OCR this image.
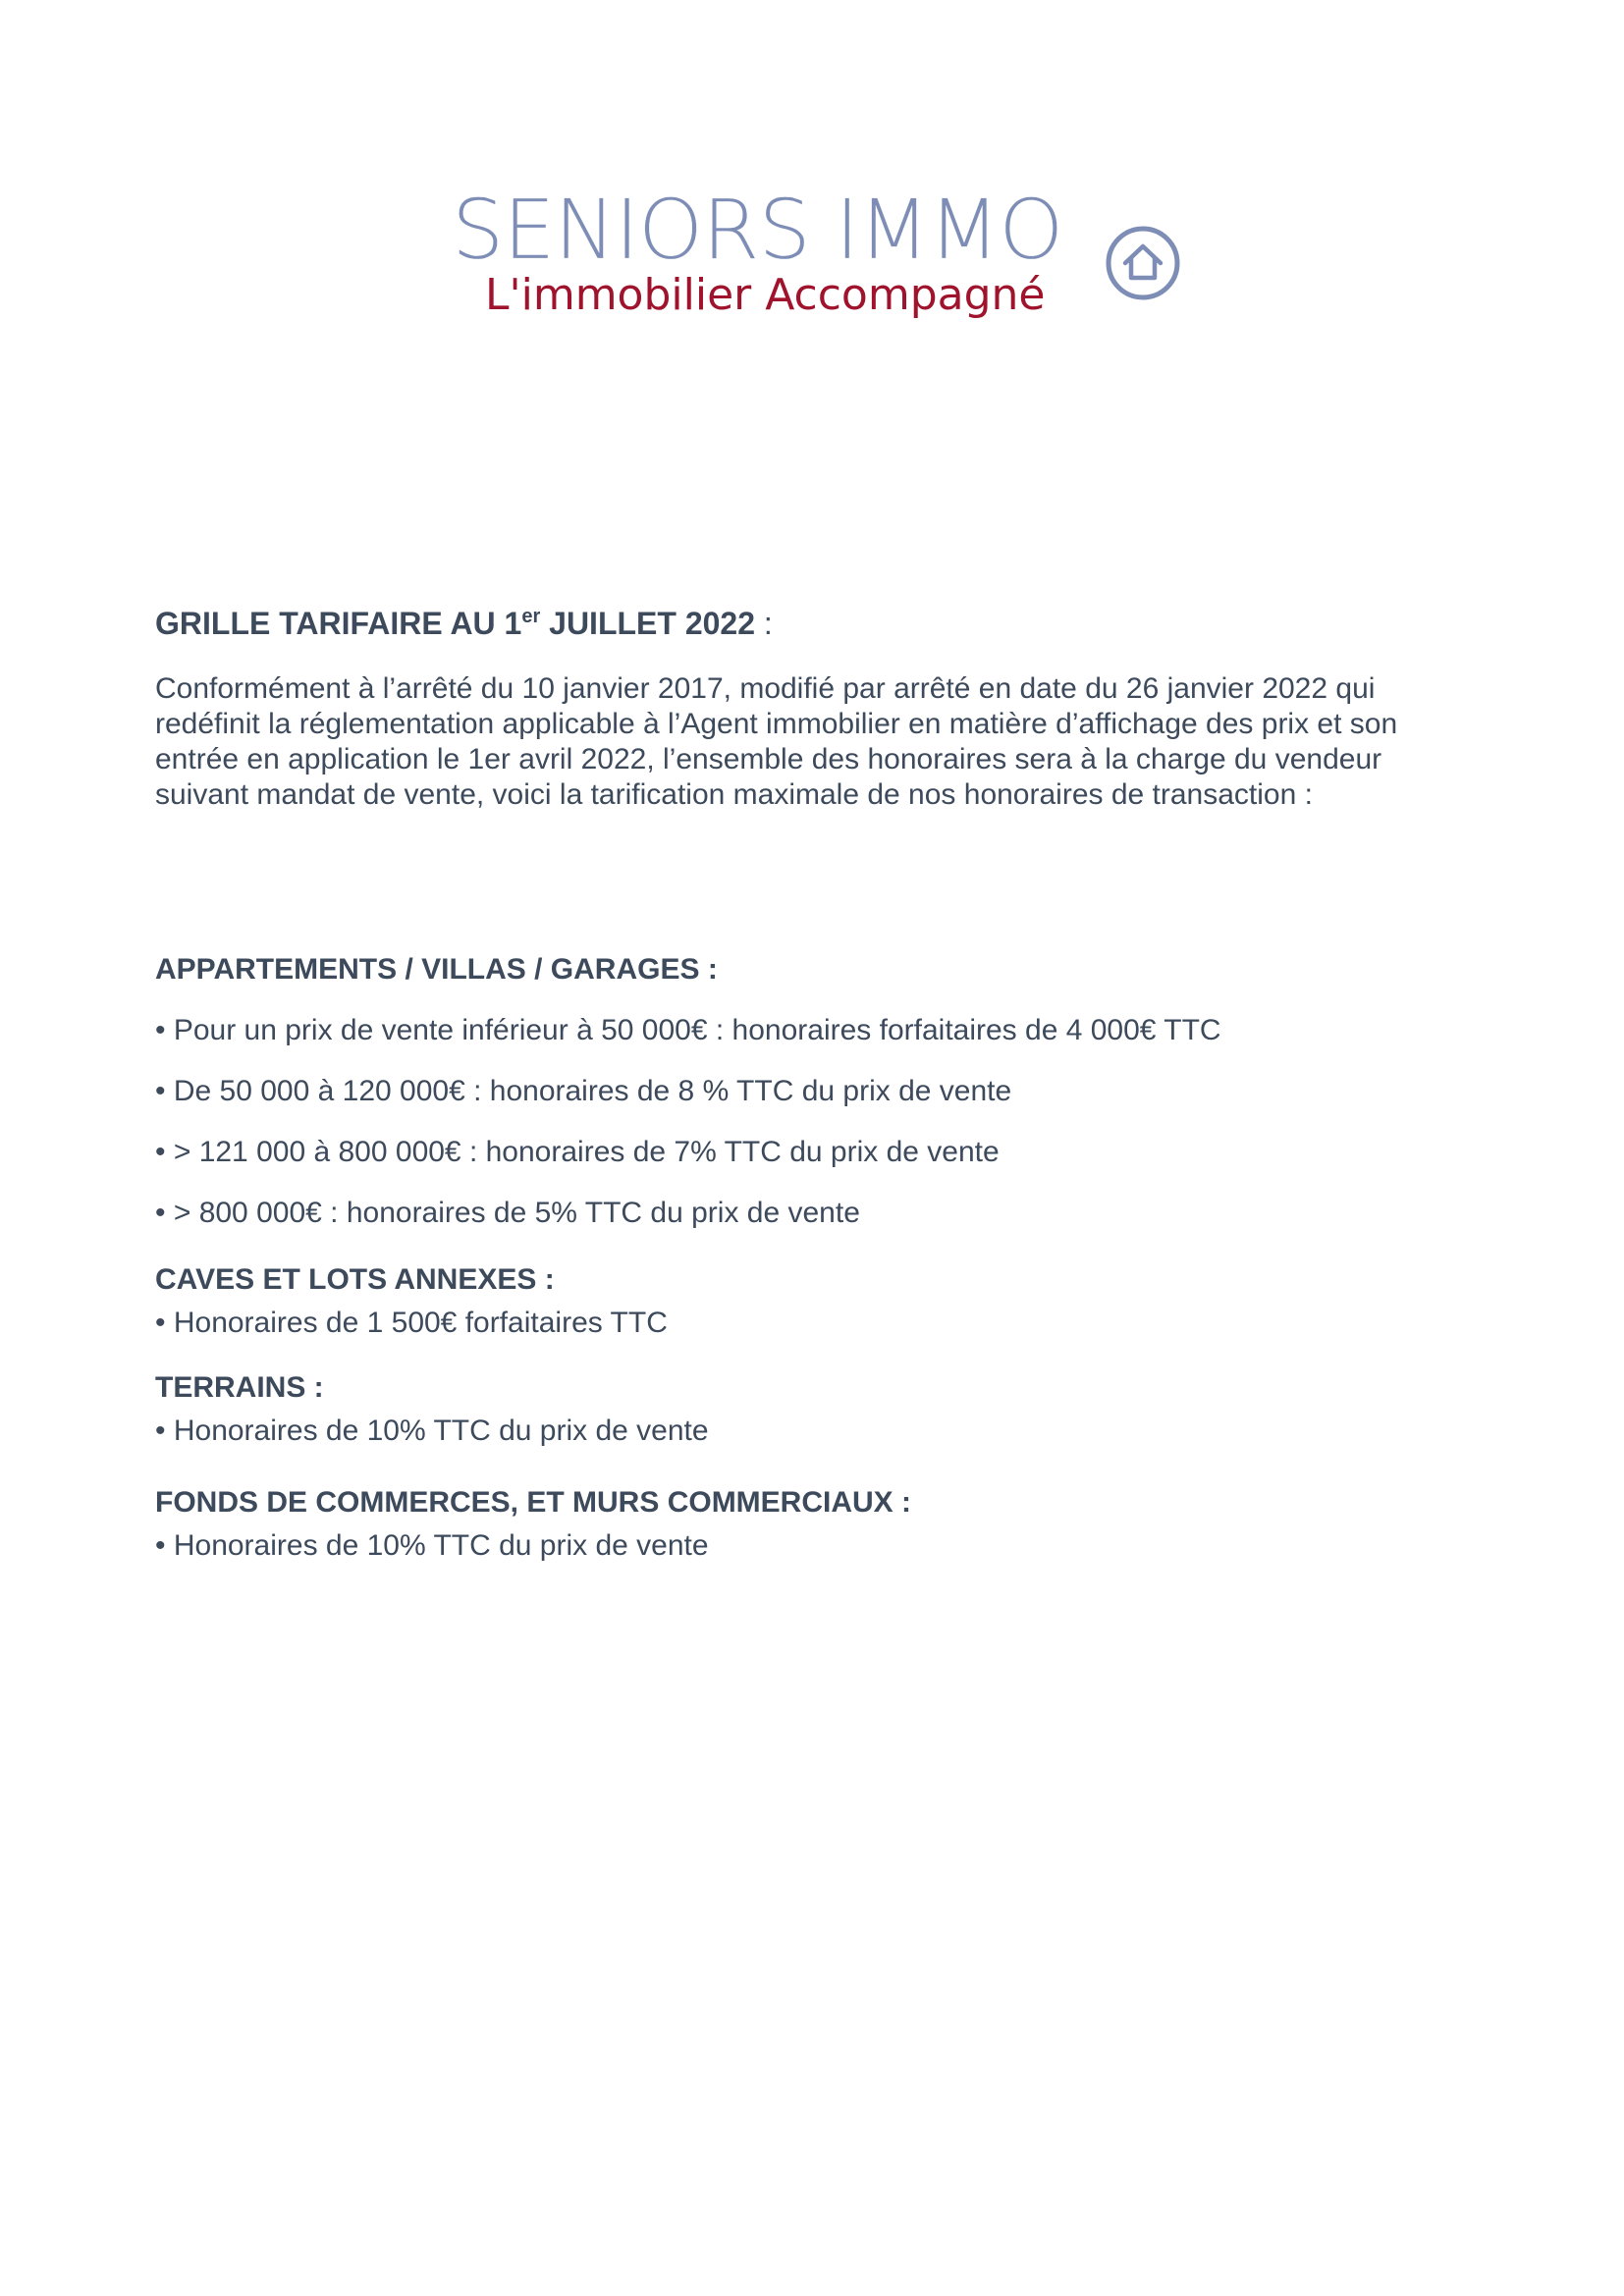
SENIORS IMMO
L'immobilier Accompagné
GRILLE TARIFAIRE AU 1er JUILLET 2022 :

Conformément à l’arrêté du 10 janvier 2017, modifié par arrêté en date du 26 janvier 2022 qui redéfinit la réglementation applicable à l’Agent immobilier en matière d’affichage des prix et son entrée en application le 1er avril 2022, l’ensemble des honoraires sera à la charge du vendeur suivant mandat de vente, voici la tarification maximale de nos honoraires de transaction :

APPARTEMENTS / VILLAS / GARAGES :

• Pour un prix de vente inférieur à 50 000€ : honoraires forfaitaires de 4 000€ TTC

• De 50 000 à 120 000€ : honoraires de 8 % TTC du prix de vente

• > 121 000 à 800 000€ : honoraires de 7% TTC du prix de vente

• > 800 000€ : honoraires de 5% TTC du prix de vente

CAVES ET LOTS ANNEXES :

• Honoraires de 1 500€ forfaitaires TTC

TERRAINS :

• Honoraires de 10% TTC du prix de vente

FONDS DE COMMERCES, ET MURS COMMERCIAUX :

• Honoraires de 10% TTC du prix de vente
